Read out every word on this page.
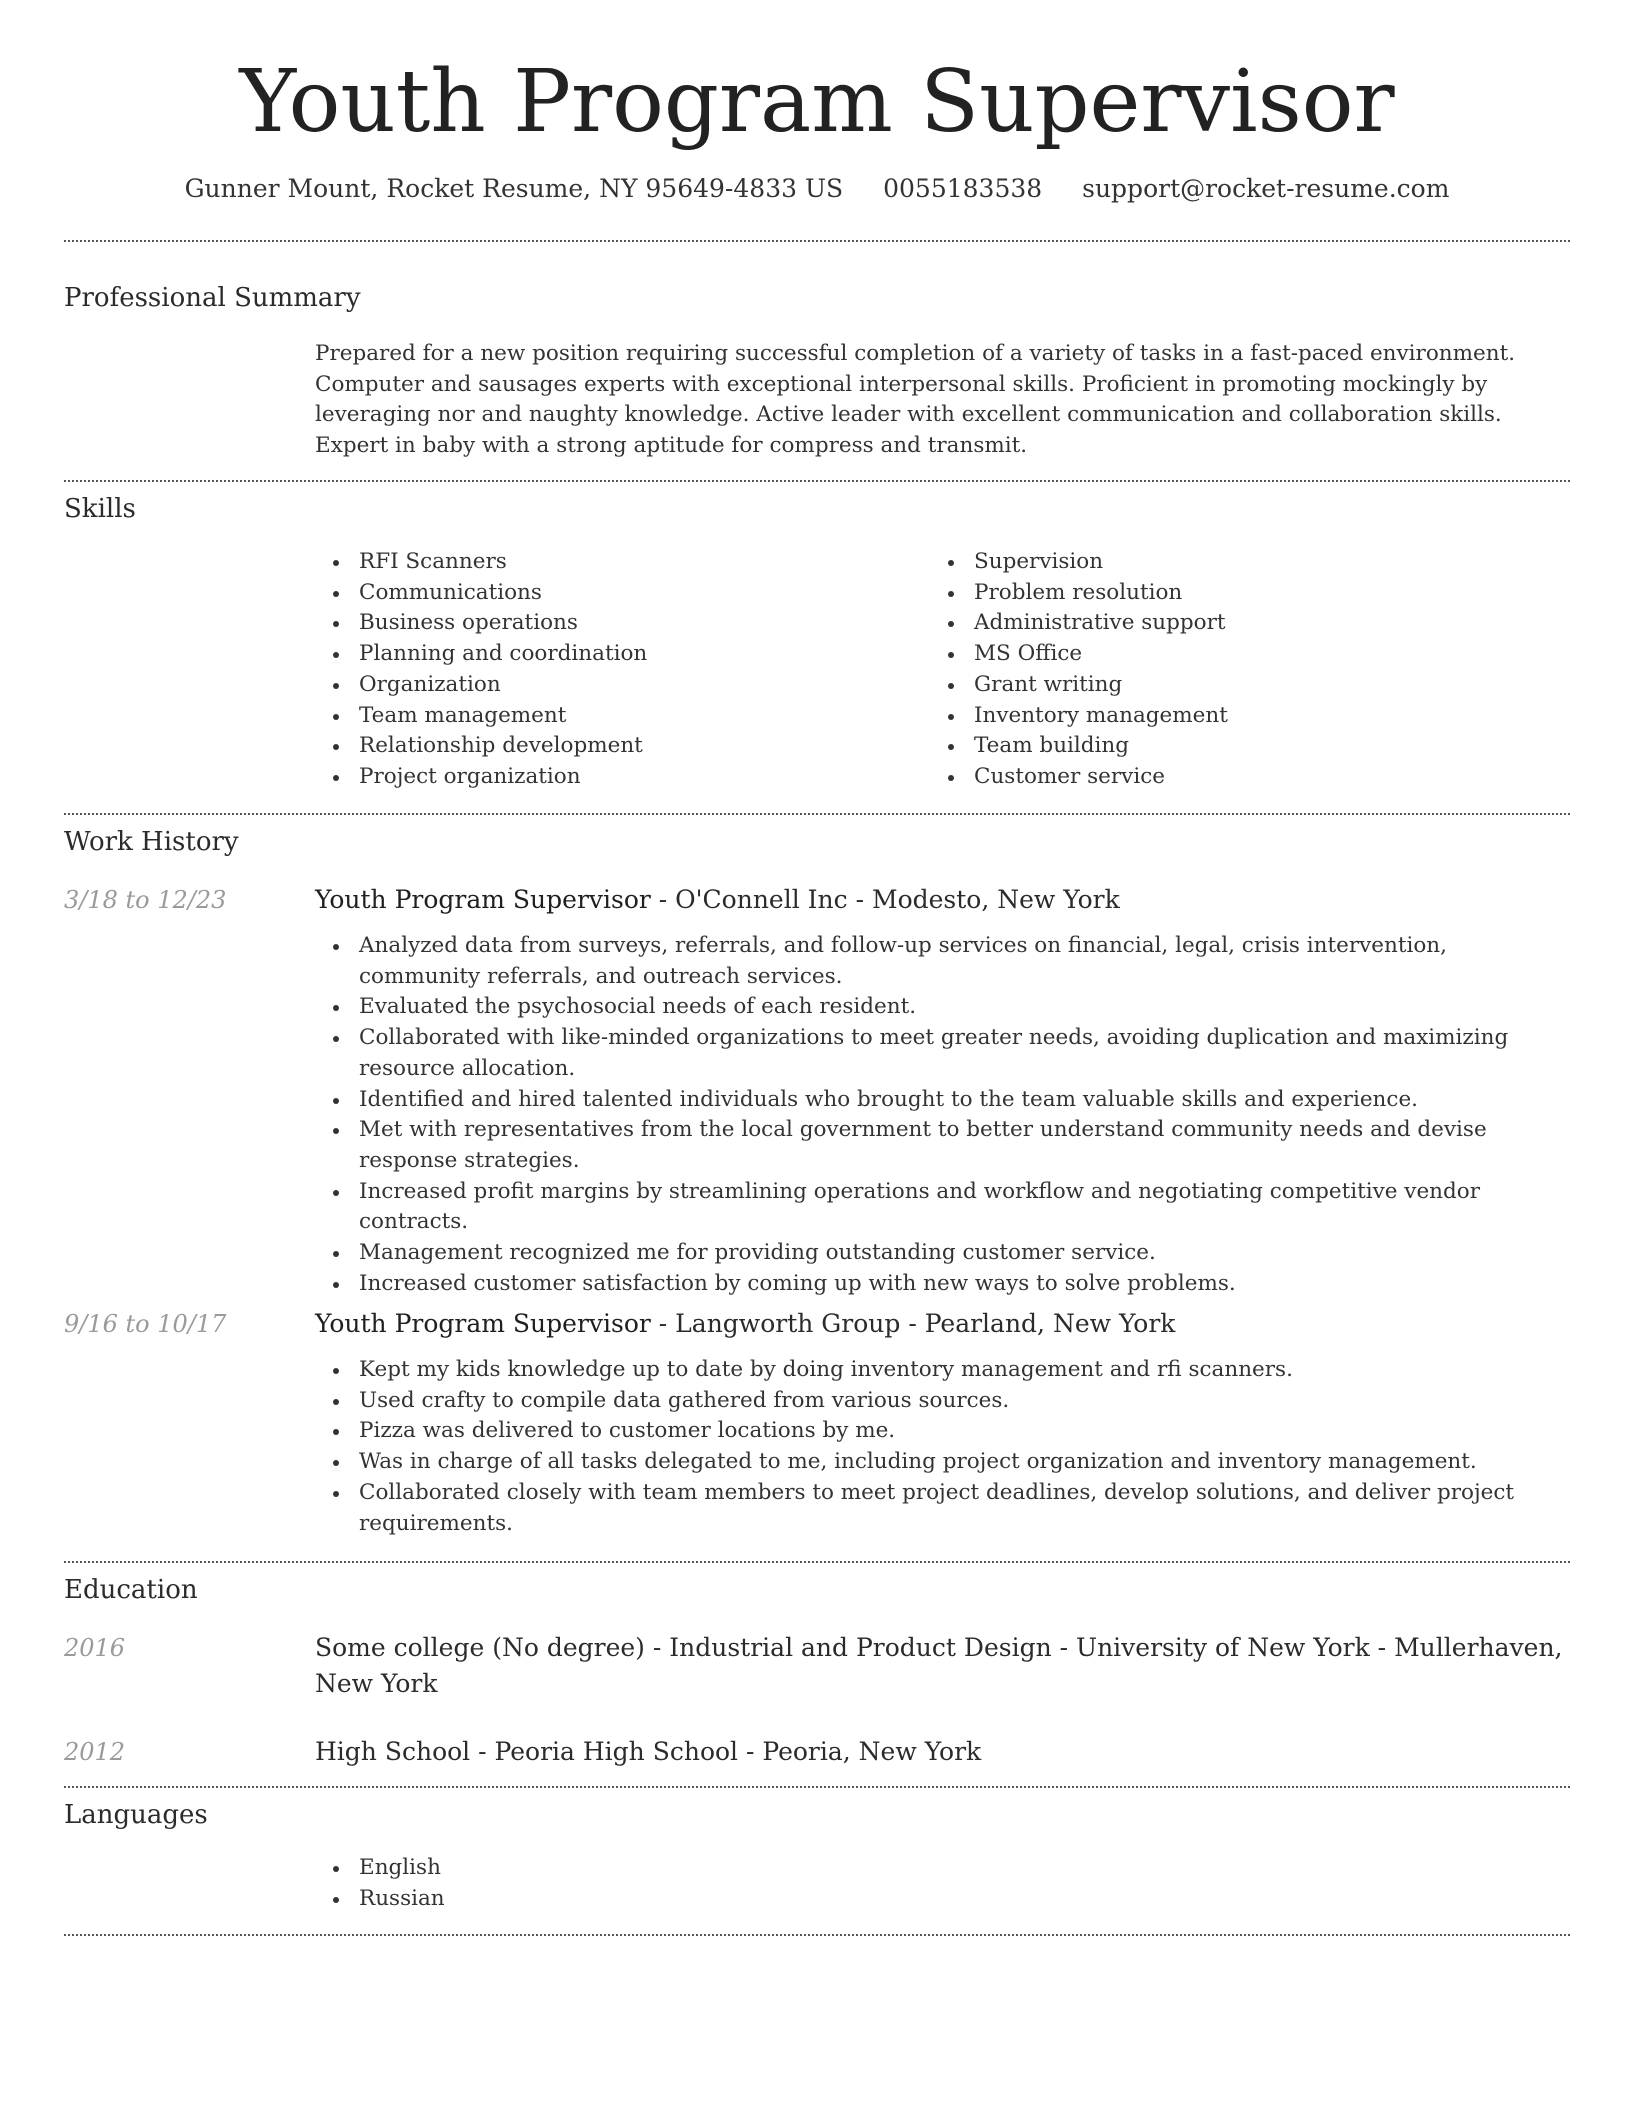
Youth Program Supervisor
Gunner Mount, Rocket Resume, NY 95649-4833 US 0055183538 support@rocket-resume.com
Professional Summary
Prepared for a new position requiring successful completion of a variety of tasks in a fast-paced environment. Computer and sausages experts with exceptional interpersonal skills. Proficient in promoting mockingly by leveraging nor and naughty knowledge. Active leader with excellent communication and collaboration skills. Expert in baby with a strong aptitude for compress and transmit.
Skills
RFI Scanners
Communications
Business operations
Planning and coordination
Organization
Team management
Relationship development
Project organization
Supervision
Problem resolution
Administrative support
MS Office
Grant writing
Inventory management
Team building
Customer service
Work History
3/18 to 12/23	Youth Program Supervisor - O'Connell Inc - Modesto, New York
Analyzed data from surveys, referrals, and follow-up services on financial, legal, crisis intervention, community referrals, and outreach services.
Evaluated the psychosocial needs of each resident.
Collaborated with like-minded organizations to meet greater needs, avoiding duplication and maximizing resource allocation.
Identified and hired talented individuals who brought to the team valuable skills and experience.
Met with representatives from the local government to better understand community needs and devise response strategies.
Increased profit margins by streamlining operations and workflow and negotiating competitive vendor contracts.
Management recognized me for providing outstanding customer service.
Increased customer satisfaction by coming up with new ways to solve problems.
9/16 to 10/17	Youth Program Supervisor - Langworth Group - Pearland, New York
Kept my kids knowledge up to date by doing inventory management and rfi scanners.
Used crafty to compile data gathered from various sources.
Pizza was delivered to customer locations by me.
Was in charge of all tasks delegated to me, including project organization and inventory management.
Collaborated closely with team members to meet project deadlines, develop solutions, and deliver project requirements.
Education
2016	Some college (No degree) - Industrial and Product Design - University of New York - Mullerhaven, New York
2012	High School - Peoria High School - Peoria, New York
Languages
English
Russian
